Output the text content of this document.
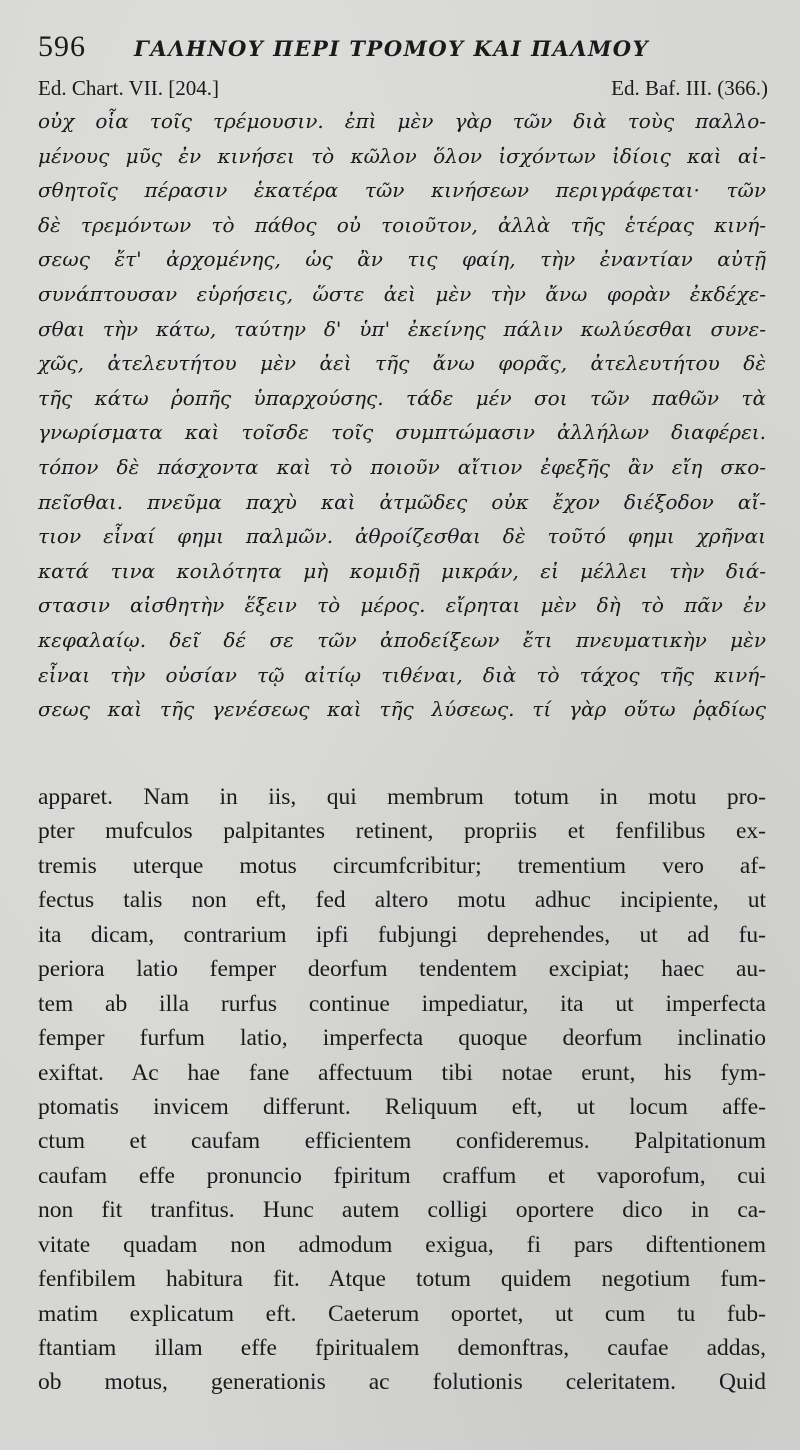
596 ΓΑΛΗΝΟΥ ΠΕΡΙ ΤΡΟΜΟΥ ΚΑΙ ΠΑΛΜΟΥ
Ed. Chart. VII. [204.]	Ed. Baf. III. (366.)
οὐχ οἷα τοῖς τρέμουσιν. ἐπὶ μὲν γὰρ τῶν διὰ τοὺς παλλο-
μένους μῦς ἐν κινήσει τὸ κῶλον ὅλον ἰσχόντων ἰδίοις καὶ αἰ-
σθητοῖς πέρασιν ἑκατέρα τῶν κινήσεων περιγράφεται· τῶν
δὲ τρεμόντων τὸ πάθος οὐ τοιοῦτον, ἀλλὰ τῆς ἑτέρας κινή-
σεως ἔτ' ἀρχομένης, ὡς ἂν τις φαίη, τὴν ἐναντίαν αὐτῇ
συνάπτουσαν εὑρήσεις, ὥστε ἀεὶ μὲν τὴν ἄνω φορὰν ἐκδέχε-
σθαι τὴν κάτω, ταύτην δ' ὑπ' ἐκείνης πάλιν κωλύεσθαι συνε-
χῶς, ἀτελευτήτου μὲν ἀεὶ τῆς ἄνω φορᾶς, ἀτελευτήτου δὲ
τῆς κάτω ῥοπῆς ὑπαρχούσης. τάδε μέν σοι τῶν παθῶν τὰ
γνωρίσματα καὶ τοῖσδε τοῖς συμπτώμασιν ἀλλήλων διαφέρει.
τόπον δὲ πάσχοντα καὶ τὸ ποιοῦν αἴτιον ἐφεξῆς ἂν εἴη σκο-
πεῖσθαι. πνεῦμα παχὺ καὶ ἀτμῶδες οὐκ ἔχον διέξοδον αἴ-
τιον εἶναί φημι παλμῶν. ἀθροίζεσθαι δὲ τοῦτό φημι χρῆναι
κατά τινα κοιλότητα μὴ κομιδῇ μικράν, εἰ μέλλει τὴν διά-
στασιν αἰσθητὴν ἕξειν τὸ μέρος. εἴρηται μὲν δὴ τὸ πᾶν ἐν
κεφαλαίῳ. δεῖ δέ σε τῶν ἀποδείξεων ἔτι πνευματικὴν μὲν
εἶναι τὴν οὐσίαν τῷ αἰτίῳ τιθέναι, διὰ τὸ τάχος τῆς κινή-
σεως καὶ τῆς γενέσεως καὶ τῆς λύσεως. τί γὰρ οὕτω ῥᾳδίως
apparet. Nam in iis, qui membrum totum in motu pro-
pter mufculos palpitantes retinent, propriis et fenfilibus ex-
tremis uterque motus circumfcribitur; trementium vero af-
fectus talis non eft, fed altero motu adhuc incipiente, ut
ita dicam, contrarium ipfi fubjungi deprehendes, ut ad fu-
periora latio femper deorfum tendentem excipiat; haec au-
tem ab illa rurfus continue impediatur, ita ut imperfecta
femper furfum latio, imperfecta quoque deorfum inclinatio
exiftat. Ac hae fane affectuum tibi notae erunt, his fym-
ptomatis invicem differunt. Reliquum eft, ut locum affe-
ctum et caufam efficientem confideremus. Palpitationum
caufam effe pronuncio fpiritum craffum et vaporofum, cui
non fit tranfitus. Hunc autem colligi oportere dico in ca-
vitate quadam non admodum exigua, fi pars diftentionem
fenfibilem habitura fit. Atque totum quidem negotium fum-
matim explicatum eft. Caeterum oportet, ut cum tu fub-
ftantiam illam effe fpiritualem demonftras, caufae addas,
ob motus, generationis ac folutionis celeritatem. Quid
